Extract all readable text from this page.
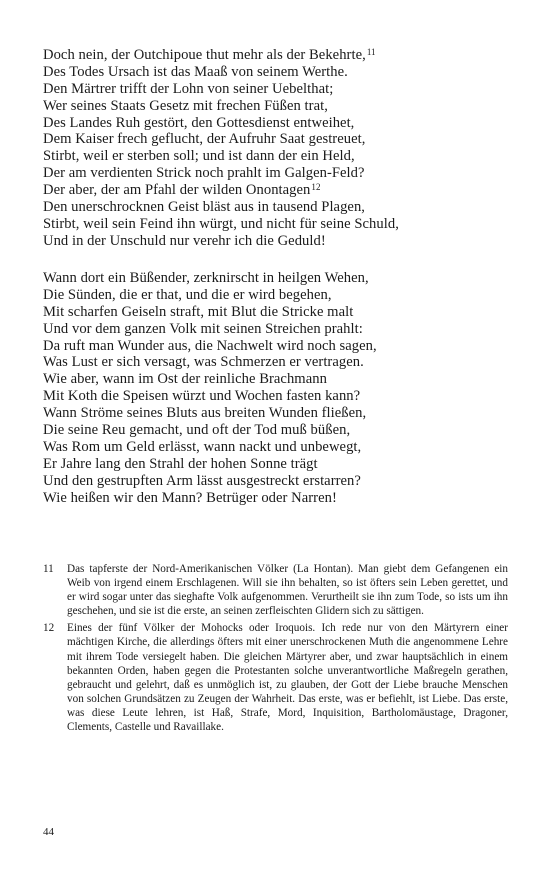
Doch nein, der Outchipoue thut mehr als der Bekehrte,$^{11}$
Des Todes Ursach ist das Maaß von seinem Werthe.
Den Märtrer trifft der Lohn von seiner Uebelthat;
Wer seines Staats Gesetz mit frechen Füßen trat,
Des Landes Ruh gestört, den Gottesdienst entweihet,
Dem Kaiser frech geflucht, der Aufruhr Saat gestreuet,
Stirbt, weil er sterben soll; und ist dann der ein Held,
Der am verdienten Strick noch prahlt im Galgen-Feld?
Der aber, der am Pfahl der wilden Onontagen$^{12}$
Den unerschrocknen Geist bläst aus in tausend Plagen,
Stirbt, weil sein Feind ihn würgt, und nicht für seine Schuld,
Und in der Unschuld nur verehr ich die Geduld!
Wann dort ein Büßender, zerknirscht in heilgen Wehen,
Die Sünden, die er that, und die er wird begehen,
Mit scharfen Geiseln straft, mit Blut die Stricke malt
Und vor dem ganzen Volk mit seinen Streichen prahlt:
Da ruft man Wunder aus, die Nachwelt wird noch sagen,
Was Lust er sich versagt, was Schmerzen er vertragen.
Wie aber, wann im Ost der reinliche Brachmann
Mit Koth die Speisen würzt und Wochen fasten kann?
Wann Ströme seines Bluts aus breiten Wunden fließen,
Die seine Reu gemacht, und oft der Tod muß büßen,
Was Rom um Geld erlässt, wann nackt und unbewegt,
Er Jahre lang den Strahl der hohen Sonne trägt
Und den gestrupften Arm lässt ausgestreckt erstarren?
Wie heißen wir den Mann? Betrüger oder Narren!
11 Das tapferste der Nord-Amerikanischen Völker (La Hontan). Man giebt dem Gefangenen ein Weib von irgend einem Erschlagenen. Will sie ihn behalten, so ist öfters sein Leben gerettet, und er wird sogar unter das sieghafte Volk aufgenommen. Verurtheilt sie ihn zum Tode, so ists um ihn geschehen, und sie ist die erste, an seinen zerfleischten Glidern sich zu sättigen.
12 Eines der fünf Völker der Mohocks oder Iroquois. Ich rede nur von den Märtyrern einer mächtigen Kirche, die allerdings öfters mit einer unerschrockenen Muth die angenommene Lehre mit ihrem Tode versiegelt haben. Die gleichen Märtyrer aber, und zwar hauptsächlich in einem bekannten Orden, haben gegen die Protestanten solche unverantwortliche Maßregeln gerathen, gebraucht und gelehrt, daß es unmöglich ist, zu glauben, der Gott der Liebe brauche Menschen von solchen Grundsätzen zu Zeugen der Wahrheit. Das erste, was er befiehlt, ist Liebe. Das erste, was diese Leute lehren, ist Haß, Strafe, Mord, Inquisition, Bartholomäustage, Dragoner, Clements, Castelle und Ravaillake.
44
